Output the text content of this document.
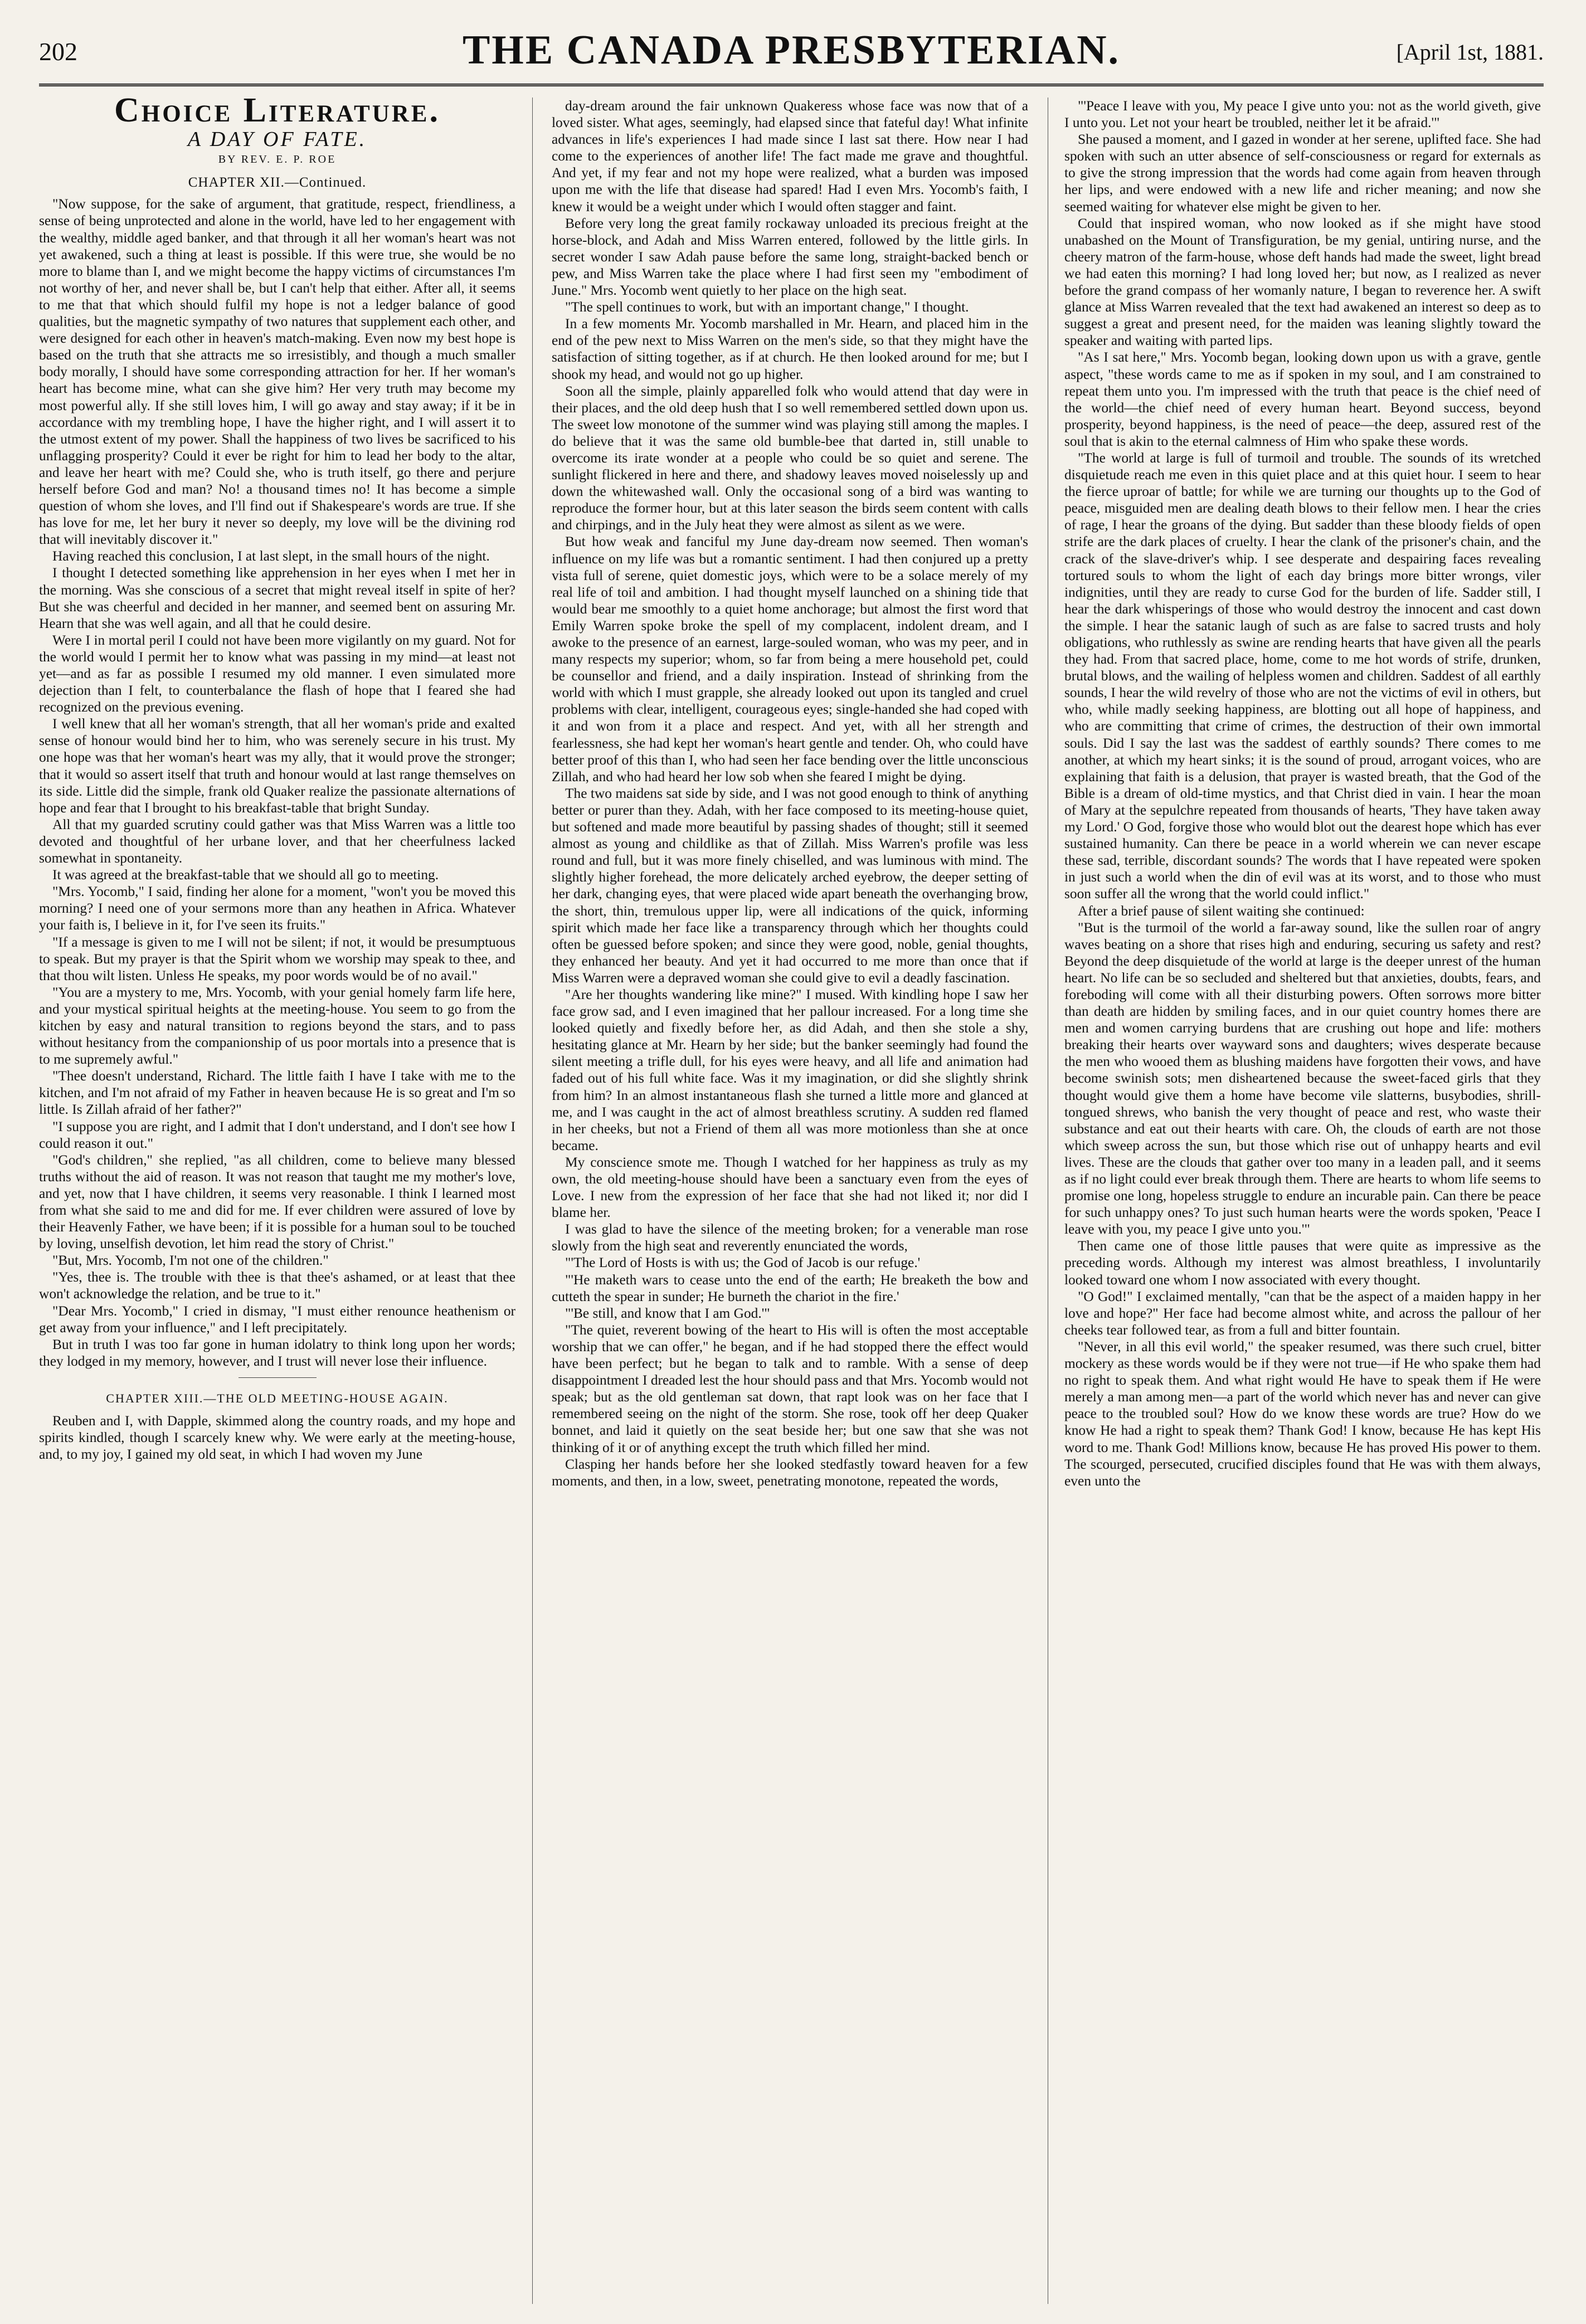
202	THE CANADA PRESBYTERIAN.	[April 1st, 1881.
Choice Literature.
A DAY OF FATE.
BY REV. E. P. ROE
CHAPTER XII.—Continued.

"Now suppose, for the sake of argument, that gratitude, respect, friendliness, a sense of being unprotected and alone in the world, have led to her engagement with the wealthy, middle aged banker, and that through it all her woman's heart was not yet awakened, such a thing at least is possible. If this were true, she would be no more to blame than I, and we might become the happy victims of circumstances I'm not worthy of her, and never shall be, but I can't help that either. After all, it seems to me that that which should fulfil my hope is not a ledger balance of good qualities, but the magnetic sympathy of two natures that supplement each other, and were designed for each other in heaven's match-making. Even now my best hope is based on the truth that she attracts me so irresistibly, and though a much smaller body morally, I should have some corresponding attraction for her. If her woman's heart has become mine, what can she give him? Her very truth may become my most powerful ally. If she still loves him, I will go away and stay away; if it be in accordance with my trembling hope, I have the higher right, and I will assert it to the utmost extent of my power. Shall the happiness of two lives be sacrificed to his unflagging prosperity? Could it ever be right for him to lead her body to the altar, and leave her heart with me? Could she, who is truth itself, go there and perjure herself before God and man? No! a thousand times no! It has become a simple question of whom she loves, and I'll find out if Shakespeare's words are true. If she has love for me, let her bury it never so deeply, my love will be the divining rod that will inevitably discover it."

Having reached this conclusion, I at last slept, in the small hours of the night.

I thought I detected something like apprehension in her eyes when I met her in the morning. Was she conscious of a secret that might reveal itself in spite of her? But she was cheerful and decided in her manner, and seemed bent on assuring Mr. Hearn that she was well again, and all that he could desire.

Were I in mortal peril I could not have been more vigilantly on my guard. Not for the world would I permit her to know what was passing in my mind—at least not yet—and as far as possible I resumed my old manner. I even simulated more dejection than I felt, to counterbalance the flash of hope that I feared she had recognized on the previous evening.

I well knew that all her woman's strength, that all her woman's pride and exalted sense of honour would bind her to him, who was serenely secure in his trust. My one hope was that her woman's heart was my ally, that it would prove the stronger; that it would so assert itself that truth and honour would at last range themselves on its side. Little did the simple, frank old Quaker realize the passionate alternations of hope and fear that I brought to his breakfast-table that bright Sunday.

All that my guarded scrutiny could gather was that Miss Warren was a little too devoted and thoughtful of her urbane lover, and that her cheerfulness lacked somewhat in spontaneity.

It was agreed at the breakfast-table that we should all go to meeting.

"Mrs. Yocomb," I said, finding her alone for a moment, "won't you be moved this morning? I need one of your sermons more than any heathen in Africa. Whatever your faith is, I believe in it, for I've seen its fruits."

"If a message is given to me I will not be silent; if not, it would be presumptuous to speak. But my prayer is that the Spirit whom we worship may speak to thee, and that thou wilt listen. Unless He speaks, my poor words would be of no avail."

"You are a mystery to me, Mrs. Yocomb, with your genial homely farm life here, and your mystical spiritual heights at the meeting-house. You seem to go from the kitchen by easy and natural transition to regions beyond the stars, and to pass without hesitancy from the companionship of us poor mortals into a presence that is to me supremely awful."

"Thee doesn't understand, Richard. The little faith I have I take with me to the kitchen, and I'm not afraid of my Father in heaven because He is so great and I'm so little. Is Zillah afraid of her father?"

"I suppose you are right, and I admit that I don't understand, and I don't see how I could reason it out."

"God's children," she replied, "as all children, come to believe many blessed truths without the aid of reason. It was not reason that taught me my mother's love, and yet, now that I have children, it seems very reasonable. I think I learned most from what she said to me and did for me. If ever children were assured of love by their Heavenly Father, we have been; if it is possible for a human soul to be touched by loving, unselfish devotion, let him read the story of Christ."

"But, Mrs. Yocomb, I'm not one of the children."

"Yes, thee is. The trouble with thee is that thee's ashamed, or at least that thee won't acknowledge the relation, and be true to it."

"Dear Mrs. Yocomb," I cried in dismay, "I must either renounce heathenism or get away from your influence," and I left precipitately.

But in truth I was too far gone in human idolatry to think long upon her words; they lodged in my memory, however, and I trust will never lose their influence.

CHAPTER XIII.—THE OLD MEETING-HOUSE AGAIN.

Reuben and I, with Dapple, skimmed along the country roads, and my hope and spirits kindled, though I scarcely knew why. We were early at the meeting-house, and, to my joy, I gained my old seat, in which I had woven my June

day-dream around the fair unknown Quakeress whose face was now that of a loved sister. What ages, seemingly, had elapsed since that fateful day! What infinite advances in life's experiences I had made since I last sat there. How near I had come to the experiences of another life! The fact made me grave and thoughtful. And yet, if my fear and not my hope were realized, what a burden was imposed upon me with the life that disease had spared! Had I even Mrs. Yocomb's faith, I knew it would be a weight under which I would often stagger and faint.

Before very long the great family rockaway unloaded its precious freight at the horse-block, and Adah and Miss Warren entered, followed by the little girls. In secret wonder I saw Adah pause before the same long, straight-backed bench or pew, and Miss Warren take the place where I had first seen my "embodiment of June." Mrs. Yocomb went quietly to her place on the high seat.

"The spell continues to work, but with an important change," I thought.

In a few moments Mr. Yocomb marshalled in Mr. Hearn, and placed him in the end of the pew next to Miss Warren on the men's side, so that they might have the satisfaction of sitting together, as if at church. He then looked around for me; but I shook my head, and would not go up higher.

Soon all the simple, plainly apparelled folk who would attend that day were in their places, and the old deep hush that I so well remembered settled down upon us. The sweet low monotone of the summer wind was playing still among the maples. I do believe that it was the same old bumble-bee that darted in, still unable to overcome its irate wonder at a people who could be so quiet and serene. The sunlight flickered in here and there, and shadowy leaves moved noiselessly up and down the whitewashed wall. Only the occasional song of a bird was wanting to reproduce the former hour, but at this later season the birds seem content with calls and chirpings, and in the July heat they were almost as silent as we were.

But how weak and fanciful my June day-dream now seemed. Then woman's influence on my life was but a romantic sentiment. I had then conjured up a pretty vista full of serene, quiet domestic joys, which were to be a solace merely of my real life of toil and ambition. I had thought myself launched on a shining tide that would bear me smoothly to a quiet home anchorage; but almost the first word that Emily Warren spoke broke the spell of my complacent, indolent dream, and I awoke to the presence of an earnest, large-souled woman, who was my peer, and in many respects my superior; whom, so far from being a mere household pet, could be counsellor and friend, and a daily inspiration. Instead of shrinking from the world with which I must grapple, she already looked out upon its tangled and cruel problems with clear, intelligent, courageous eyes; single-handed she had coped with it and won from it a place and respect. And yet, with all her strength and fearlessness, she had kept her woman's heart gentle and tender. Oh, who could have better proof of this than I, who had seen her face bending over the little unconscious Zillah, and who had heard her low sob when she feared I might be dying.

The two maidens sat side by side, and I was not good enough to think of anything better or purer than they. Adah, with her face composed to its meeting-house quiet, but softened and made more beautiful by passing shades of thought; still it seemed almost as young and childlike as that of Zillah. Miss Warren's profile was less round and full, but it was more finely chiselled, and was luminous with mind. The slightly higher forehead, the more delicately arched eyebrow, the deeper setting of her dark, changing eyes, that were placed wide apart beneath the overhanging brow, the short, thin, tremulous upper lip, were all indications of the quick, informing spirit which made her face like a transparency through which her thoughts could often be guessed before spoken; and since they were good, noble, genial thoughts, they enhanced her beauty. And yet it had occurred to me more than once that if Miss Warren were a depraved woman she could give to evil a deadly fascination.

"Are her thoughts wandering like mine?" I mused. With kindling hope I saw her face grow sad, and I even imagined that her pallour increased. For a long time she looked quietly and fixedly before her, as did Adah, and then she stole a shy, hesitating glance at Mr. Hearn by her side; but the banker seemingly had found the silent meeting a trifle dull, for his eyes were heavy, and all life and animation had faded out of his full white face. Was it my imagination, or did she slightly shrink from him? In an almost instantaneous flash she turned a little more and glanced at me, and I was caught in the act of almost breathless scrutiny. A sudden red flamed in her cheeks, but not a Friend of them all was more motionless than she at once became.

My conscience smote me. Though I watched for her happiness as truly as my own, the old meeting-house should have been a sanctuary even from the eyes of Love. I new from the expression of her face that she had not liked it; nor did I blame her.

I was glad to have the silence of the meeting broken; for a venerable man rose slowly from the high seat and reverently enunciated the words,

"'The Lord of Hosts is with us; the God of Jacob is our refuge.'

"'He maketh wars to cease unto the end of the earth; He breaketh the bow and cutteth the spear in sunder; He burneth the chariot in the fire.'

"'Be still, and know that I am God.'"

"The quiet, reverent bowing of the heart to His will is often the most acceptable worship that we can offer," he began, and if he had stopped there the effect would have been perfect; but he began to talk and to ramble. With a sense of deep disappointment I dreaded lest the hour should pass and that Mrs. Yocomb would not speak; but as the old gentleman sat down, that rapt look was on her face that I remembered seeing on the night of the storm. She rose, took off her deep Quaker bonnet, and laid it quietly on the seat beside her; but one saw that she was not thinking of it or of anything except the truth which filled her mind.

Clasping her hands before her she looked stedfastly toward heaven for a few moments, and then, in a low, sweet, penetrating monotone, repeated the words,

"'Peace I leave with you, My peace I give unto you: not as the world giveth, give I unto you. Let not your heart be troubled, neither let it be afraid.'"

She paused a moment, and I gazed in wonder at her serene, uplifted face. She had spoken with such an utter absence of self-consciousness or regard for externals as to give the strong impression that the words had come again from heaven through her lips, and were endowed with a new life and richer meaning; and now she seemed waiting for whatever else might be given to her.

Could that inspired woman, who now looked as if she might have stood unabashed on the Mount of Transfiguration, be my genial, untiring nurse, and the cheery matron of the farm-house, whose deft hands had made the sweet, light bread we had eaten this morning? I had long loved her; but now, as I realized as never before the grand compass of her womanly nature, I began to reverence her. A swift glance at Miss Warren revealed that the text had awakened an interest so deep as to suggest a great and present need, for the maiden was leaning slightly toward the speaker and waiting with parted lips.

"As I sat here," Mrs. Yocomb began, looking down upon us with a grave, gentle aspect, "these words came to me as if spoken in my soul, and I am constrained to repeat them unto you. I'm impressed with the truth that peace is the chief need of the world—the chief need of every human heart. Beyond success, beyond prosperity, beyond happiness, is the need of peace—the deep, assured rest of the soul that is akin to the eternal calmness of Him who spake these words.

"The world at large is full of turmoil and trouble. The sounds of its wretched disquietude reach me even in this quiet place and at this quiet hour. I seem to hear the fierce uproar of battle; for while we are turning our thoughts up to the God of peace, misguided men are dealing death blows to their fellow men. I hear the cries of rage, I hear the groans of the dying. But sadder than these bloody fields of open strife are the dark places of cruelty. I hear the clank of the prisoner's chain, and the crack of the slave-driver's whip. I see desperate and despairing faces revealing tortured souls to whom the light of each day brings more bitter wrongs, viler indignities, until they are ready to curse God for the burden of life. Sadder still, I hear the dark whisperings of those who would destroy the innocent and cast down the simple. I hear the satanic laugh of such as are false to sacred trusts and holy obligations, who ruthlessly as swine are rending hearts that have given all the pearls they had. From that sacred place, home, come to me hot words of strife, drunken, brutal blows, and the wailing of helpless women and children. Saddest of all earthly sounds, I hear the wild revelry of those who are not the victims of evil in others, but who, while madly seeking happiness, are blotting out all hope of happiness, and who are committing that crime of crimes, the destruction of their own immortal souls. Did I say the last was the saddest of earthly sounds? There comes to me another, at which my heart sinks; it is the sound of proud, arrogant voices, who are explaining that faith is a delusion, that prayer is wasted breath, that the God of the Bible is a dream of old-time mystics, and that Christ died in vain. I hear the moan of Mary at the sepulchre repeated from thousands of hearts, 'They have taken away my Lord.' O God, forgive those who would blot out the dearest hope which has ever sustained humanity. Can there be peace in a world wherein we can never escape these sad, terrible, discordant sounds? The words that I have repeated were spoken in just such a world when the din of evil was at its worst, and to those who must soon suffer all the wrong that the world could inflict."

After a brief pause of silent waiting she continued:

"But is the turmoil of the world a far-away sound, like the sullen roar of angry waves beating on a shore that rises high and enduring, securing us safety and rest? Beyond the deep disquietude of the world at large is the deeper unrest of the human heart. No life can be so secluded and sheltered but that anxieties, doubts, fears, and foreboding will come with all their disturbing powers. Often sorrows more bitter than death are hidden by smiling faces, and in our quiet country homes there are men and women carrying burdens that are crushing out hope and life: mothers breaking their hearts over wayward sons and daughters; wives desperate because the men who wooed them as blushing maidens have forgotten their vows, and have become swinish sots; men disheartened because the sweet-faced girls that they thought would give them a home have become vile slatterns, busybodies, shrill-tongued shrews, who banish the very thought of peace and rest, who waste their substance and eat out their hearts with care. Oh, the clouds of earth are not those which sweep across the sun, but those which rise out of unhappy hearts and evil lives. These are the clouds that gather over too many in a leaden pall, and it seems as if no light could ever break through them. There are hearts to whom life seems to promise one long, hopeless struggle to endure an incurable pain. Can there be peace for such unhappy ones? To just such human hearts were the words spoken, 'Peace I leave with you, my peace I give unto you.'"

Then came one of those little pauses that were quite as impressive as the preceding words. Although my interest was almost breathless, I involuntarily looked toward one whom I now associated with every thought.

"O God!" I exclaimed mentally, "can that be the aspect of a maiden happy in her love and hope?" Her face had become almost white, and across the pallour of her cheeks tear followed tear, as from a full and bitter fountain.

"Never, in all this evil world," the speaker resumed, was there such cruel, bitter mockery as these words would be if they were not true—if He who spake them had no right to speak them. And what right would He have to speak them if He were merely a man among men—a part of the world which never has and never can give peace to the troubled soul? How do we know these words are true? How do we know He had a right to speak them? Thank God! I know, because He has kept His word to me. Thank God! Millions know, because He has proved His power to them. The scourged, persecuted, crucified disciples found that He was with them always, even unto the
